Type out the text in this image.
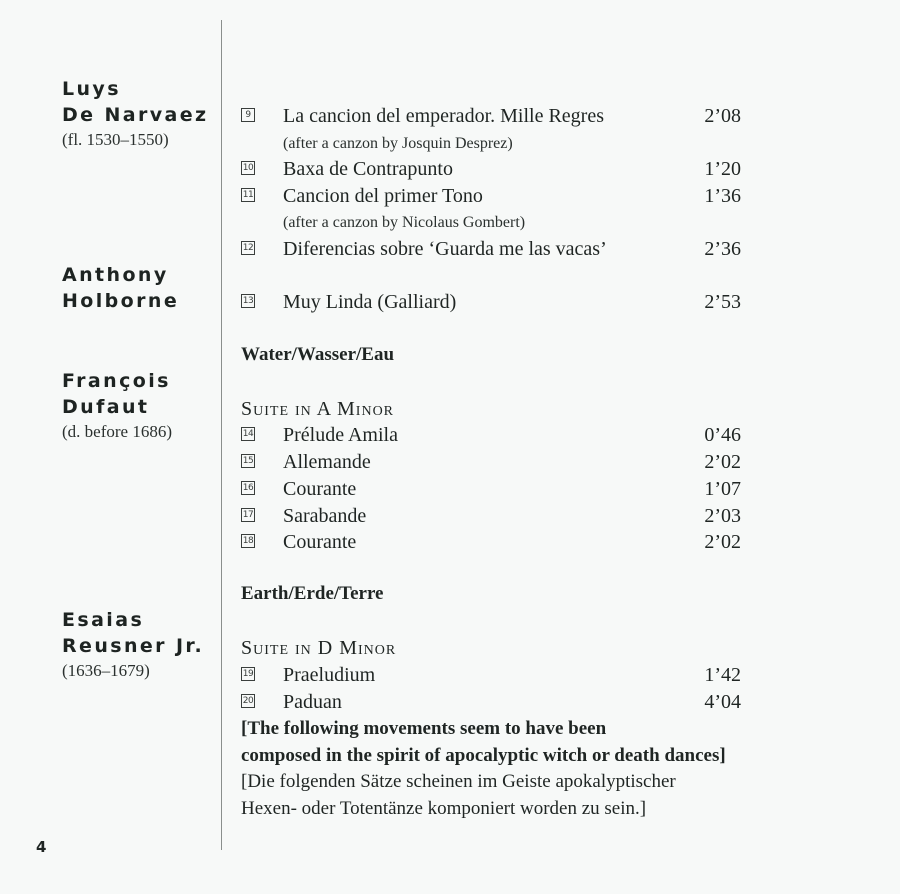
Luys
De Narvaez
(fl. 1530–1550)
Anthony
Holborne
François
Dufaut
(d. before 1686)
Esaias
Reusner Jr.
(1636–1679)
9 La cancion del emperador. Mille Regres	2’08
(after a canzon by Josquin Desprez)
10 Baxa de Contrapunto	1’20
11 Cancion del primer Tono	1’36
(after a canzon by Nicolaus Gombert)
12 Diferencias sobre ‘Guarda me las vacas’	2’36
13 Muy Linda (Galliard)	2’53
Water/Wasser/Eau
Suite in A Minor
14 Prélude Amila	0’46
15 Allemande	2’02
16 Courante	1’07
17 Sarabande	2’03
18 Courante	2’02
Earth/Erde/Terre
Suite in D Minor
19 Praeludium	1’42
20 Paduan	4’04
[The following movements seem to have been
composed in the spirit of apocalyptic witch or death dances]
[Die folgenden Sätze scheinen im Geiste apokalyptischer
Hexen- oder Totentänze komponiert worden zu sein.]
4
